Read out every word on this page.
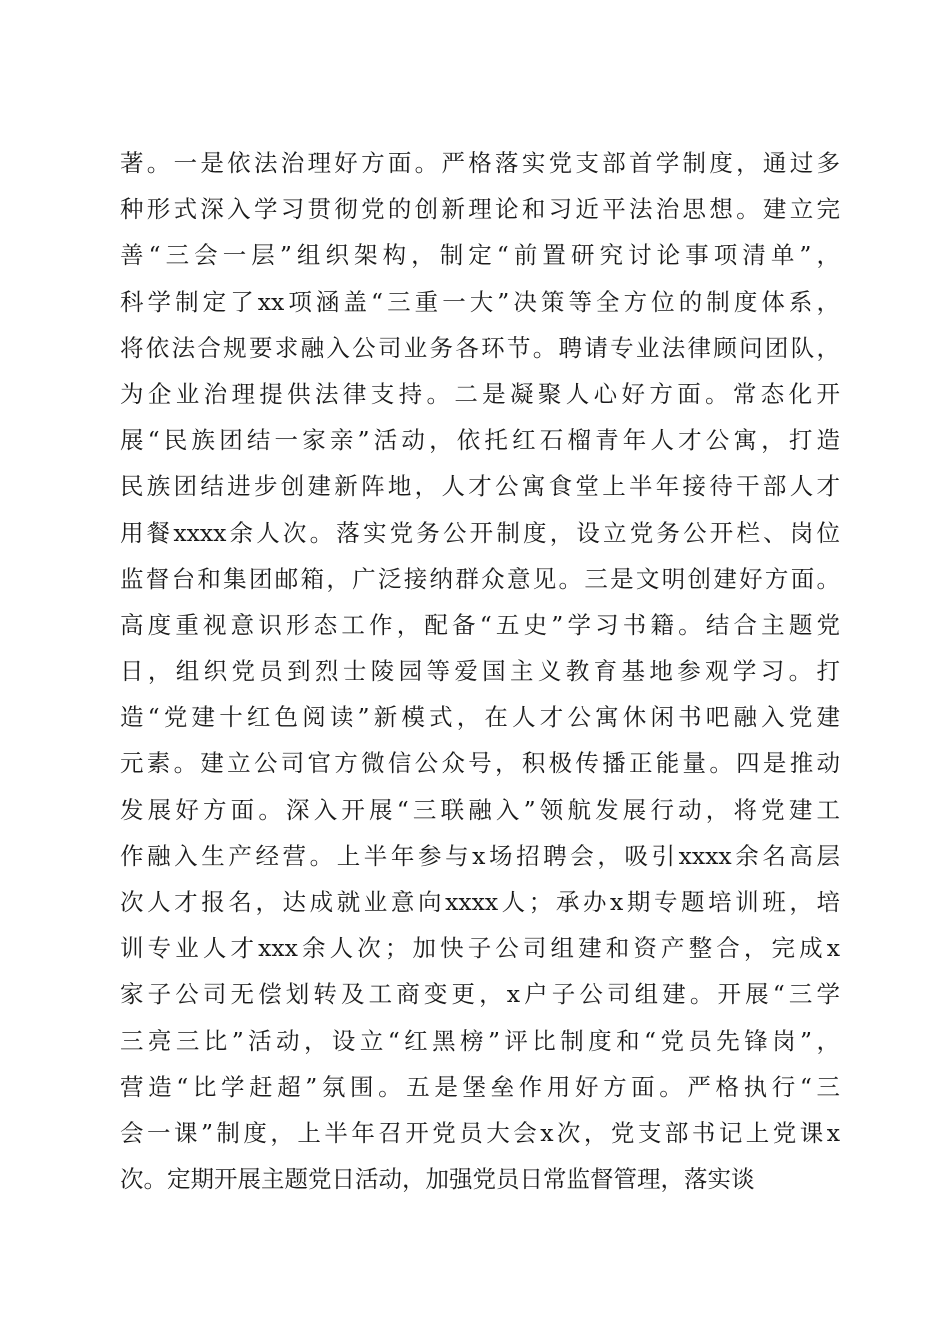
著。一是依法治理好方面。严格落实党支部首学制度，通过多
种形式深入学习贯彻党的创新理论和习近平法治思想。建立完
善“三会一层”组织架构，制定“前置研究讨论事项清单”，
科学制定了xx项涵盖“三重一大”决策等全方位的制度体系，
将依法合规要求融入公司业务各环节。聘请专业法律顾问团队，
为企业治理提供法律支持。二是凝聚人心好方面。常态化开
展“民族团结一家亲”活动，依托红石榴青年人才公寓，打造
民族团结进步创建新阵地，人才公寓食堂上半年接待干部人才
用餐xxxx余人次。落实党务公开制度，设立党务公开栏、岗位
监督台和集团邮箱，广泛接纳群众意见。三是文明创建好方面。
高度重视意识形态工作，配备“五史”学习书籍。结合主题党
日，组织党员到烈士陵园等爱国主义教育基地参观学习。打
造“党建十红色阅读”新模式，在人才公寓休闲书吧融入党建
元素。建立公司官方微信公众号，积极传播正能量。四是推动
发展好方面。深入开展“三联融入”领航发展行动，将党建工
作融入生产经营。上半年参与x场招聘会，吸引xxxx余名高层
次人才报名，达成就业意向xxxx人；承办x期专题培训班，培
训专业人才xxx余人次；加快子公司组建和资产整合，完成x
家子公司无偿划转及工商变更，x户子公司组建。开展“三学
三亮三比”活动，设立“红黑榜”评比制度和“党员先锋岗”，
营造“比学赶超”氛围。五是堡垒作用好方面。严格执行“三
会一课”制度，上半年召开党员大会x次，党支部书记上党课x
次。定期开展主题党日活动，加强党员日常监督管理，落实谈
